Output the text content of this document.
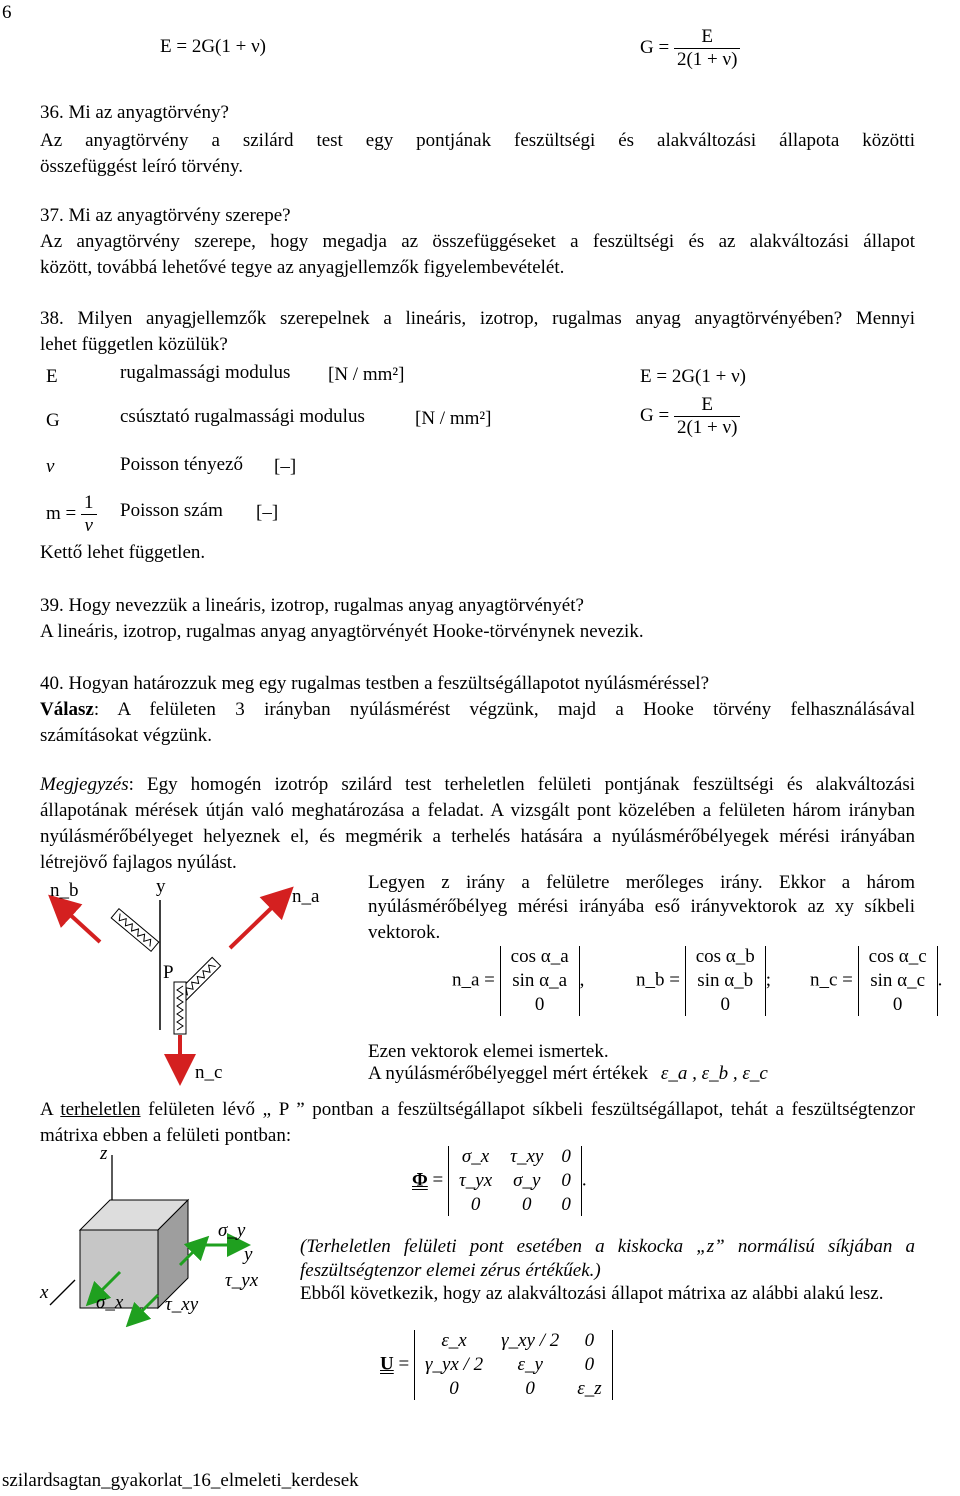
6
E = 2G(1 + ν)	$G = \frac{E}{2(1 + \nu)}$
36. Mi az anyagtörvény?
Az anyagtörvény a szilárd test egy pontjának feszültségi és alakváltozási állapota közötti
összefüggést leíró törvény.
37. Mi az anyagtörvény szerepe?
Az anyagtörvény szerepe, hogy megadja az összefüggéseket a feszültségi és az alakváltozási állapot
között, továbbá lehetővé tegye az anyagjellemzők figyelembevételét.
38. Milyen anyagjellemzők szerepelnek a lineáris, izotrop, rugalmas anyag anyagtörvényében? Mennyi
lehet független közülük?
E	rugalmassági modulus [N / mm²]
G	csúsztató rugalmassági modulus	[N / mm²]
ν	Poisson tényező [–]
$m = \frac{1}{\nu}$ Poisson szám [–]
E = 2G(1 + ν)
$G = \frac{E}{2(1 + \nu)}$
Kettő lehet független.
39. Hogy nevezzük a lineáris, izotrop, rugalmas anyag anyagtörvényét?
A lineáris, izotrop, rugalmas anyag anyagtörvényét Hooke-törvénynek nevezik.
40. Hogyan határozzuk meg egy rugalmas testben a feszültségállapotot nyúlásméréssel?
Válasz: A felületen 3 irányban nyúlásmérést végzünk, majd a Hooke törvény felhasználásával
számításokat végzünk.
Megjegyzés: Egy homogén izotróp szilárd test terheletlen felületi pontjának feszültségi és alakváltozási
állapotának mérések útján való meghatározása a feladat. A vizsgált pont közelében a felületen három irányban
nyúlásmérőbélyeget helyeznek el, és megmérik a terhelés hatására a nyúlásmérőbélyegek mérési irányában
létrejövő fajlagos nyúlást.
n_b	y	n_a
P
n_c
Legyen z irány a felületre merőleges irány. Ekkor a három
nyúlásmérőbélyeg mérési irányába eső irányvektorok az xy síkbeli
vektorok.
n_a =
cos α_a
sin α_a
0
,	n_b =
cos α_b
sin α_b
0
; n_c =
cos α_c
sin α_c
0
.
Ezen vektorok elemei ismertek.
A nyúlásmérőbélyeggel mért értékek ε_a , ε_b , ε_c
A terheletlen felületen lévő „ P ” pontban a feszültségállapot síkbeli feszültségállapot, tehát a feszültségtenzor
mátrixa ebben a felületi pontban:
z
x
y
σ_x τ_xy
σ_y
τ_yx
Φ =
σ_x τ_xy 0
τ_yx σ_y 0
0	0	0
.
(Terheletlen felületi pont esetében a kiskocka „z” normálisú síkjában a
feszültségtenzor elemei zérus értékűek.)
Ebből következik, hogy az alakváltozási állapot mátrixa az alábbi alakú lesz.
U =
ε_x	γ_xy / 2	0
γ_yx / 2	ε_y	0
0	0	ε_z
szilardsagtan_gyakorlat_16_elmeleti_kerdesek
